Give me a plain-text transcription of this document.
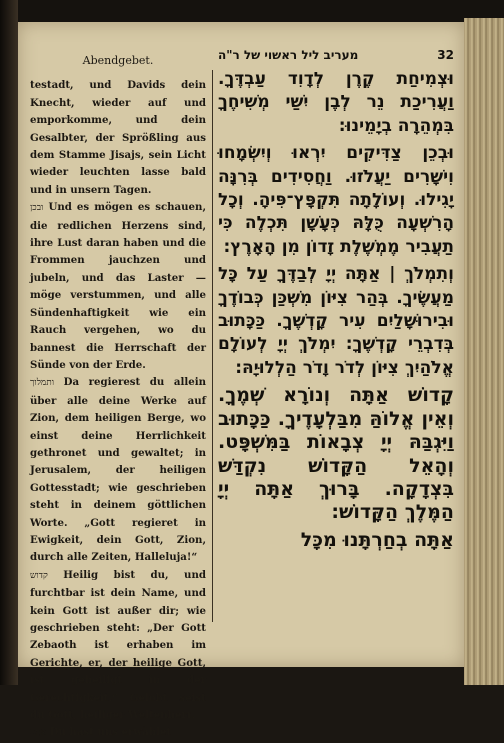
Abendgebet.

testadt, und Davids dein Knecht, wieder auf und emporkomme, und dein Gesalbter, der Sprößling aus dem Stamme Jisajs, sein Licht wieder leuchten lasse bald und in unsern Tagen.

ובכן Und es mögen es schauen, die redlichen Herzens sind, ihre Lust daran haben und die Frommen jauchzen und jubeln, und das Laster — möge verstummen, und alle Sündenhaftigkeit wie ein Rauch vergehen, wo du bannest die Herrschaft der Sünde von der Erde.

ותמלוך Da regierest du allein über alle deine Werke auf Zion, dem heiligen Berge, wo einst deine Herrlichkeit gethronet und gewaltet; in Jerusalem, der heiligen Gottesstadt; wie geschrieben steht in deinem göttlichen Worte. „Gott regieret in Ewigkeit, dein Gott, Zion, durch alle Zeiten, Halleluja!“

קדוש Heilig bist du, und furchtbar ist dein Name, und kein Gott ist außer dir; wie geschrieben steht: „Der Gott Zebaoth ist erhaben im Gerichte, er, der heilige Gott, ist geheiligt in der Gerechtigkeit.“ Gelobt seist du Gott, heiliger Weltenherr.

אתה Du hast uns erwählet

מעריב ליל ראשוי של ר"ה	32

וּצְמִיחַת קֶרֶן לְדָוִד עַבְדֶּךָ. וַעֲרִיכַת נֵר לְבֶן יִשַׁי מְשִׁיחֶךָ בִּמְהֵרָה בְיָמֵינוּ:

וּבְכֵן צַדִּיקִים יִרְאוּ וְיִשְׂמָחוּ וִישָׁרִים יַעֲלֹזוּ. וַחֲסִידִים בְּרִנָּה יָגִילוּ. וְעוֹלָתָה תִּקְפָּץ־פִּיהָ. וְכָל הָרִשְׁעָה כֻּלָּהּ כְּעָשָׁן תִּכְלֶה כִּי תַעֲבִיר מֶמְשֶׁלֶת זָדוֹן מִן הָאָרֶץ:

וְתִמְלֹךְ | אַתָּה יְיָ לְבַדֶּךָ עַל כָּל מַעֲשֶׂיךָ. בְּהַר צִיּוֹן מִשְׁכַּן כְּבוֹדֶךָ וּבִירוּשָׁלַיִם עִיר קָדְשֶׁךָ. כַּכָּתוּב בְּדִבְרֵי קָדְשֶׁךָ: יִמְלֹךְ יְיָ לְעוֹלָם אֱלֹהַיִךְ צִיּוֹן לְדֹר וָדֹר הַלְלוּיָהּ:

קָדוֹשׁ אַתָּה וְנוֹרָא שְׁמֶךָ. וְאֵין אֱלוֹהַּ מִבַּלְעָדֶיךָ. כַּכָּתוּב וַיִּגְבַּהּ יְיָ צְבָאוֹת בַּמִּשְׁפָּט. וְהָאֵל הַקָּדוֹשׁ נִקְדַּשׁ בִּצְדָקָה. בָּרוּךְ אַתָּה יְיָ הַמֶּלֶךְ הַקָּדוֹשׁ:

אַתָּה בְחַרְתָּנוּ מִכָּל
